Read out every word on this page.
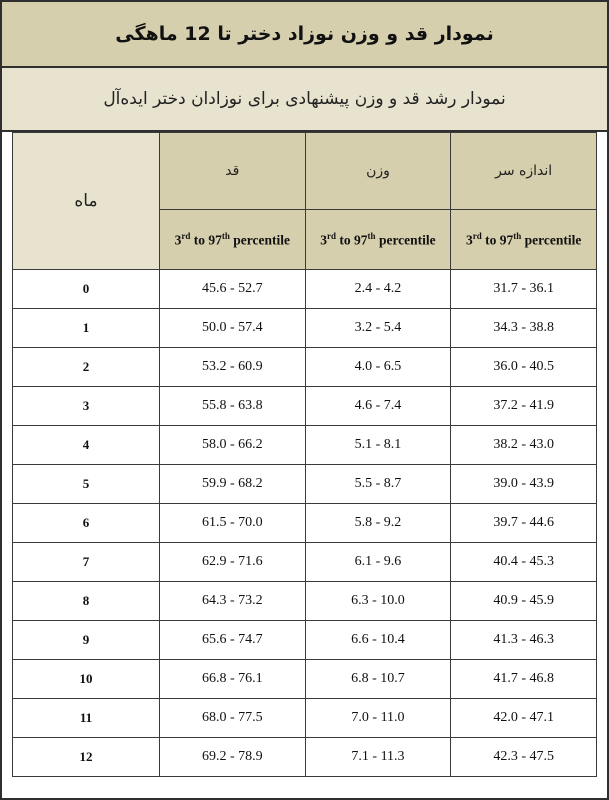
نمودار قد و وزن نوزاد دختر تا 12 ماهگی
نمودار رشد قد و وزن پیشنهادی برای نوزادان دختر ایده‌آل
ماه	قد	وزن	اندازه سر
	3rd to 97th percentile	3rd to 97th percentile	3rd to 97th percentile
0	45.6 - 52.7	2.4 - 4.2	31.7 - 36.1
1	50.0 - 57.4	3.2 - 5.4	34.3 - 38.8
2	53.2 - 60.9	4.0 - 6.5	36.0 - 40.5
3	55.8 - 63.8	4.6 - 7.4	37.2 - 41.9
4	58.0 - 66.2	5.1 - 8.1	38.2 - 43.0
5	59.9 - 68.2	5.5 - 8.7	39.0 - 43.9
6	61.5 - 70.0	5.8 - 9.2	39.7 - 44.6
7	62.9 - 71.6	6.1 - 9.6	40.4 - 45.3
8	64.3 - 73.2	6.3 - 10.0	40.9 - 45.9
9	65.6 - 74.7	6.6 - 10.4	41.3 - 46.3
10	66.8 - 76.1	6.8 - 10.7	41.7 - 46.8
11	68.0 - 77.5	7.0 - 11.0	42.0 - 47.1
12	69.2 - 78.9	7.1 - 11.3	42.3 - 47.5
